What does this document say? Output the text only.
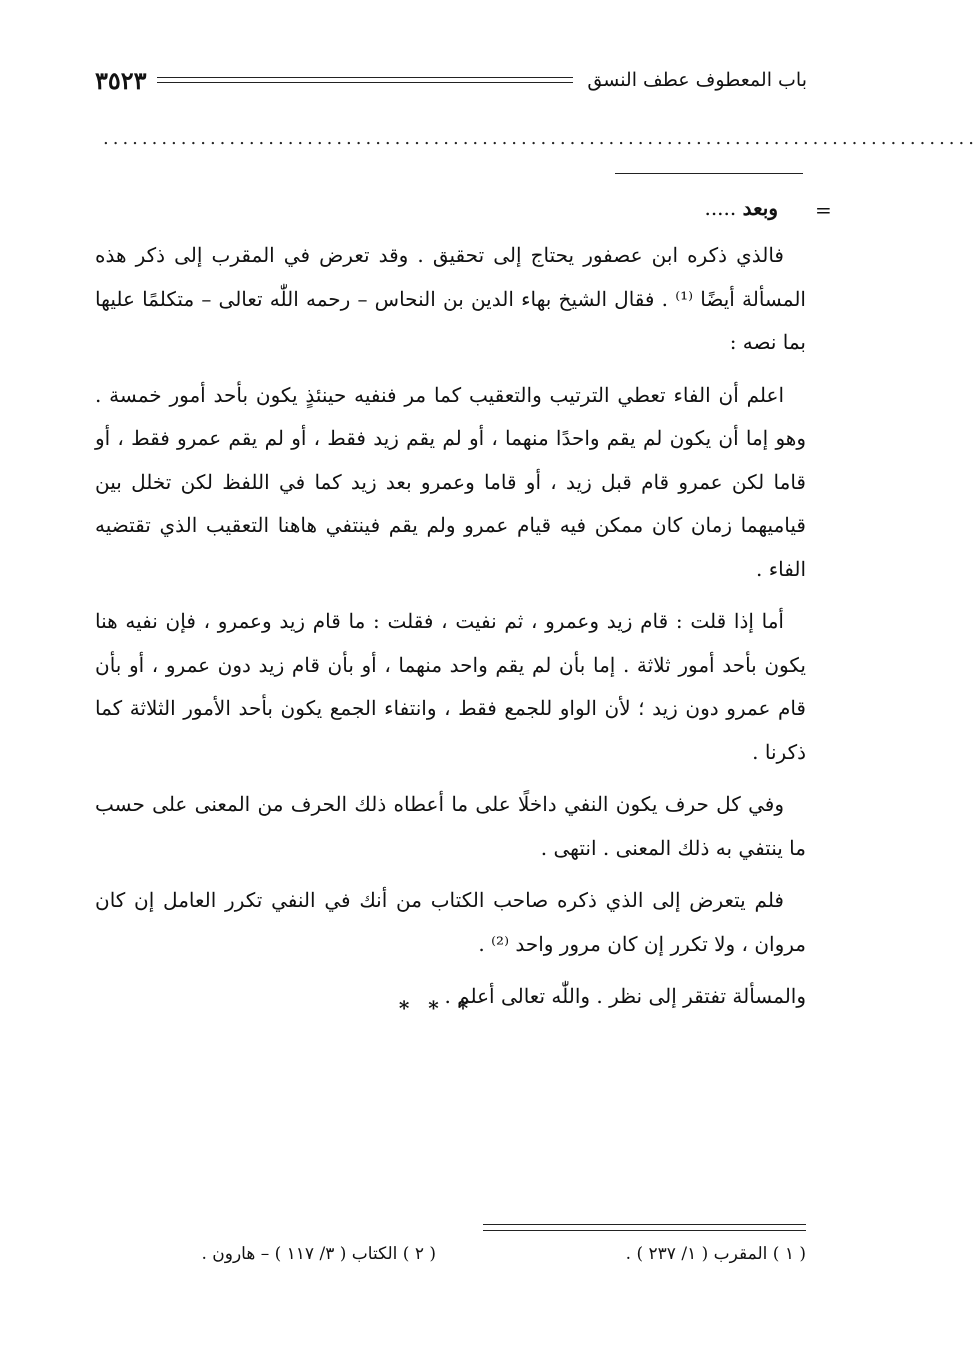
باب المعطوف عطف النسق
٣٥٢٣
..........................................................................................
=
وبعد .....

فالذي ذكره ابن عصفور يحتاج إلى تحقيق . وقد تعرض في المقرب إلى ذكر هذه المسألة أيضًا ⁽¹⁾ . فقال الشيخ بهاء الدين بن النحاس – رحمه اللّٰه تعالى – متكلمًا عليها بما نصه :

اعلم أن الفاء تعطي الترتيب والتعقيب كما مر فنفيه حينئذٍ يكون بأحد أمور خمسة . وهو إما أن يكون لم يقم واحدًا منهما ، أو لم يقم زيد فقط ، أو لم يقم عمرو فقط ، أو قاما لكن عمرو قام قبل زيد ، أو قاما وعمرو بعد زيد كما في اللفظ لكن تخلل بين قياميهما زمان كان ممكن فيه قيام عمرو ولم يقم فينتفي هاهنا التعقيب الذي تقتضيه الفاء .

أما إذا قلت : قام زيد وعمرو ، ثم نفيت ، فقلت : ما قام زيد وعمرو ، فإن نفيه هنا يكون بأحد أمور ثلاثة . إما بأن لم يقم واحد منهما ، أو بأن قام زيد دون عمرو ، أو بأن قام عمرو دون زيد ؛ لأن الواو للجمع فقط ، وانتفاء الجمع يكون بأحد الأمور الثلاثة كما ذكرنا .

وفي كل حرف يكون النفي داخلًا على ما أعطاه ذلك الحرف من المعنى على حسب ما ينتفي به ذلك المعنى . انتهى .

فلم يتعرض إلى الذي ذكره صاحب الكتاب من أنك في النفي تكرر العامل إن كان مروان ، ولا تكرر إن كان مرور واحد ⁽²⁾ .

والمسألة تفتقر إلى نظر . واللّٰه تعالى أعلم .

* * *
( ١ ) المقرب ( ١/ ٢٣٧ ) .
( ٢ ) الكتاب ( ٣/ ١١٧ ) – هارون .
